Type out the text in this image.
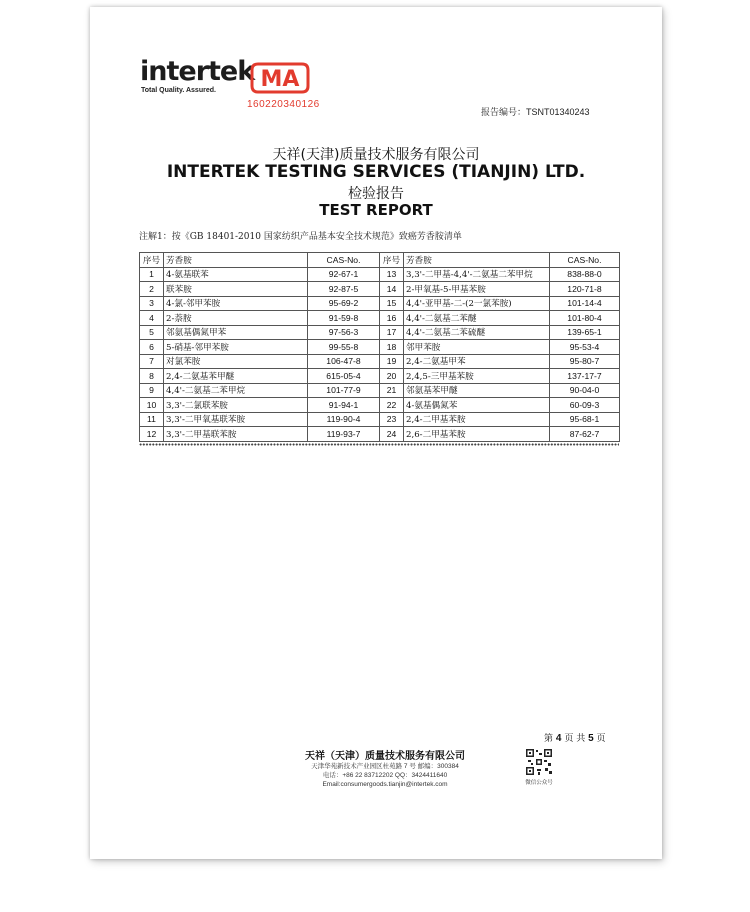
intertek
Total Quality. Assured.	MA
160220340126
报告编号：TSNT01340243
天祥(天津)质量技术服务有限公司
INTERTEK TESTING SERVICES (TIANJIN) LTD.
检验报告
TEST REPORT
注解1：按《GB 18401-2010 国家纺织产品基本安全技术规范》致癌芳香胺清单
序号	芳香胺	CAS-No.	序号	芳香胺	CAS-No.
1	4-氨基联苯	92-67-1	13	3,3'-二甲基-4,4'-二氨基二苯甲烷	838-88-0
2	联苯胺	92-87-5	14	2-甲氧基-5-甲基苯胺	120-71-8
3	4-氯-邻甲苯胺	95-69-2	15	4,4'-亚甲基-二-(2一氯苯胺)	101-14-4
4	2-萘胺	91-59-8	16	4,4'-二氨基二苯醚	101-80-4
5	邻氨基偶氮甲苯	97-56-3	17	4,4'-二氨基二苯硫醚	139-65-1
6	5-硝基-邻甲苯胺	99-55-8	18	邻甲苯胺	95-53-4
7	对氯苯胺	106-47-8	19	2,4-二氨基甲苯	95-80-7
8	2,4-二氨基苯甲醚	615-05-4	20	2,4,5-三甲基苯胺	137-17-7
9	4,4'-二氨基二苯甲烷	101-77-9	21	邻氨基苯甲醚	90-04-0
10	3,3'-二氯联苯胺	91-94-1	22	4-氨基偶氮苯	60-09-3
11	3,3'-二甲氧基联苯胺	119-90-4	23	2,4-二甲基苯胺	95-68-1
12	3,3'-二甲基联苯胺	119-93-7	24	2,6-二甲基苯胺	87-62-7
第 4 页 共 5 页
天祥（天津）质量技术服务有限公司
天津华苑新技术产业园区杜苑路 7 号 邮编：300384
电话：+86 22 83712202 QQ：3424411640
Email:consumergoods.tianjin@intertek.com	微信公众号
